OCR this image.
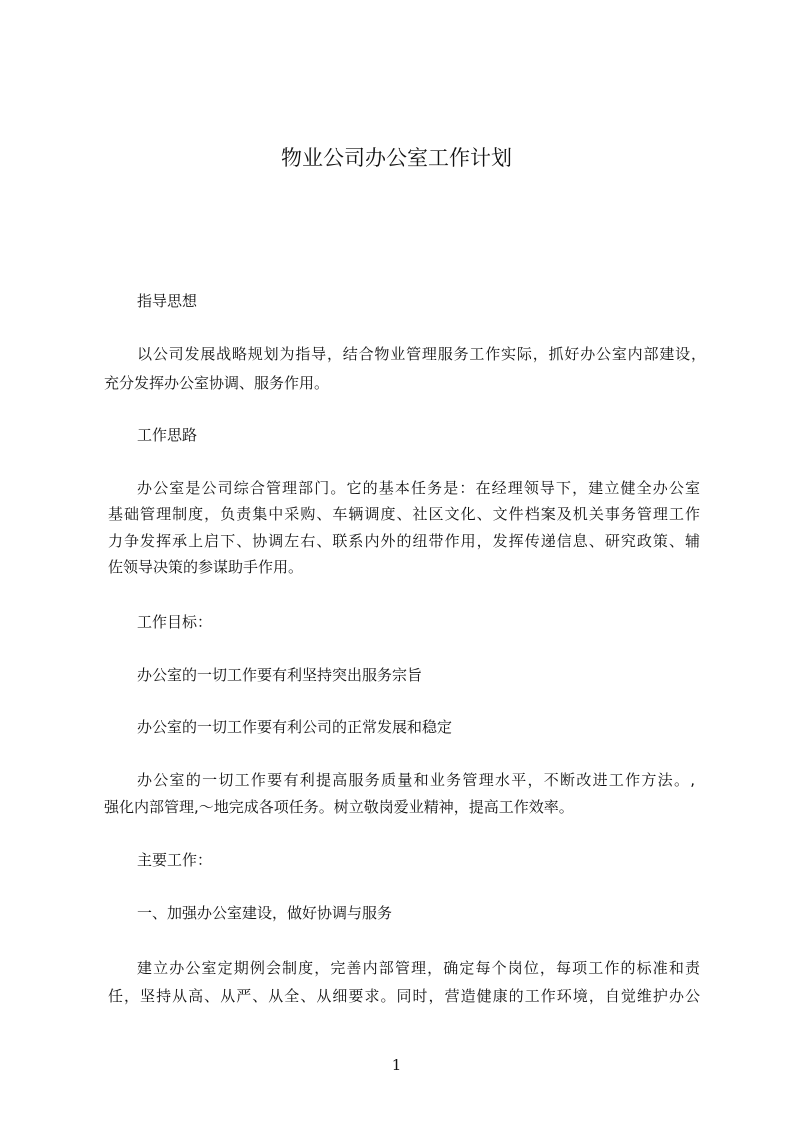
物业公司办公室工作计划

指导思想

以公司发展战略规划为指导，结合物业管理服务工作实际，抓好办公室内部建设，

充分发挥办公室协调、服务作用。

工作思路

办公室是公司综合管理部门。它的基本任务是：在经理领导下，建立健全办公室

基础管理制度，负责集中采购、车辆调度、社区文化、文件档案及机关事务管理工作

力争发挥承上启下、协调左右、联系内外的纽带作用，发挥传递信息、研究政策、辅

佐领导决策的参谋助手作用。

工作目标：

办公室的一切工作要有利坚持突出服务宗旨

办公室的一切工作要有利公司的正常发展和稳定

办公室的一切工作要有利提高服务质量和业务管理水平，不断改进工作方法。,

强化内部管理,～地完成各项任务。树立敬岗爱业精神，提高工作效率。

主要工作：

一、加强办公室建设，做好协调与服务

建立办公室定期例会制度，完善内部管理，确定每个岗位，每项工作的标准和责

任，坚持从高、从严、从全、从细要求。同时，营造健康的工作环境，自觉维护办公

1
